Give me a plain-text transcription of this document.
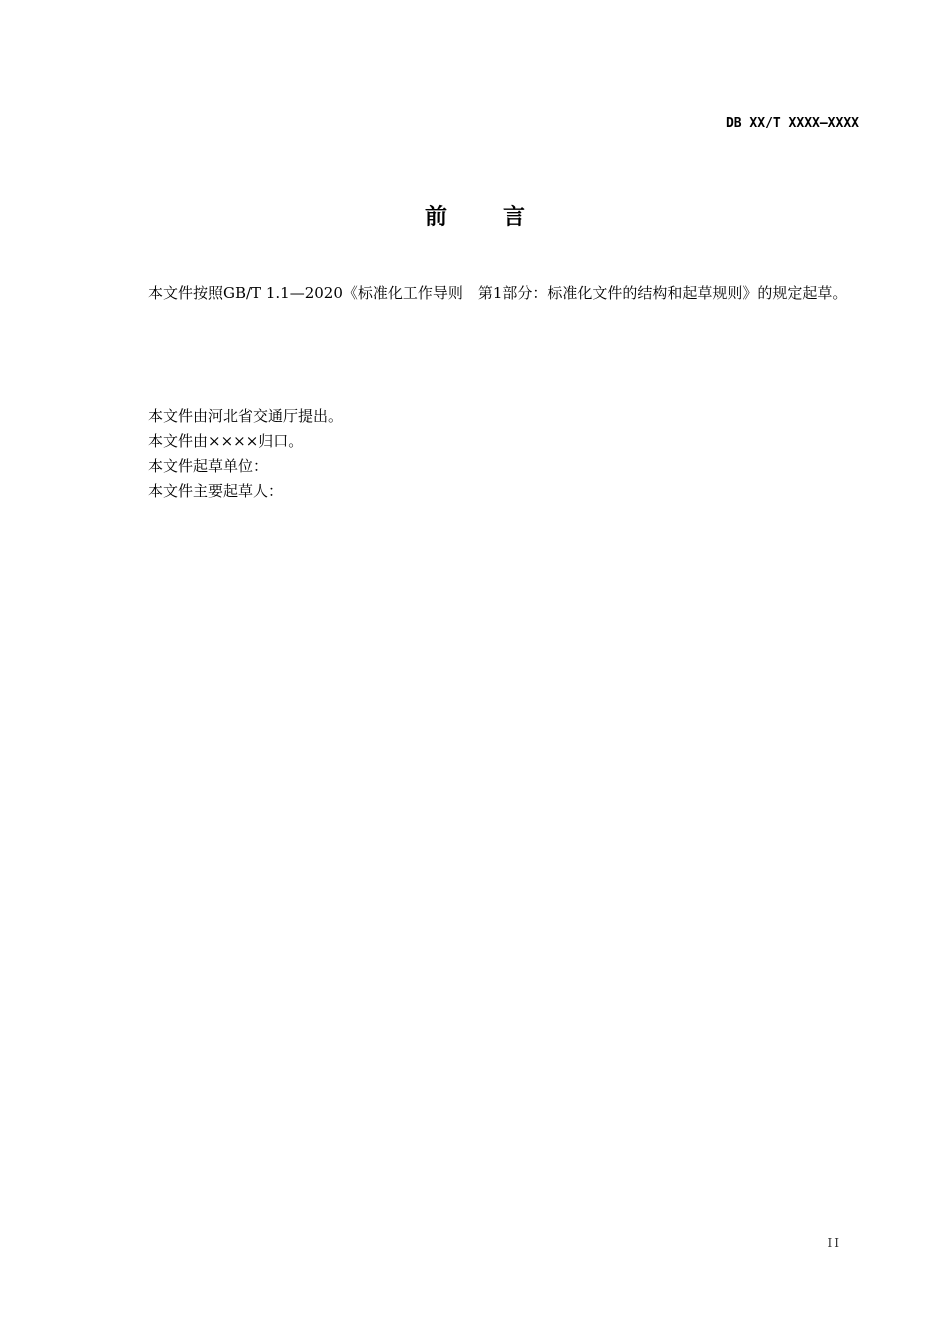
DB XX/T XXXX—XXXX
前	言
本文件按照GB/T 1.1—2020《标准化工作导则　第1部分：标准化文件的结构和起草规则》的规定起草。
本文件由河北省交通厅提出。
本文件由××××归口。
本文件起草单位：
本文件主要起草人：
II
